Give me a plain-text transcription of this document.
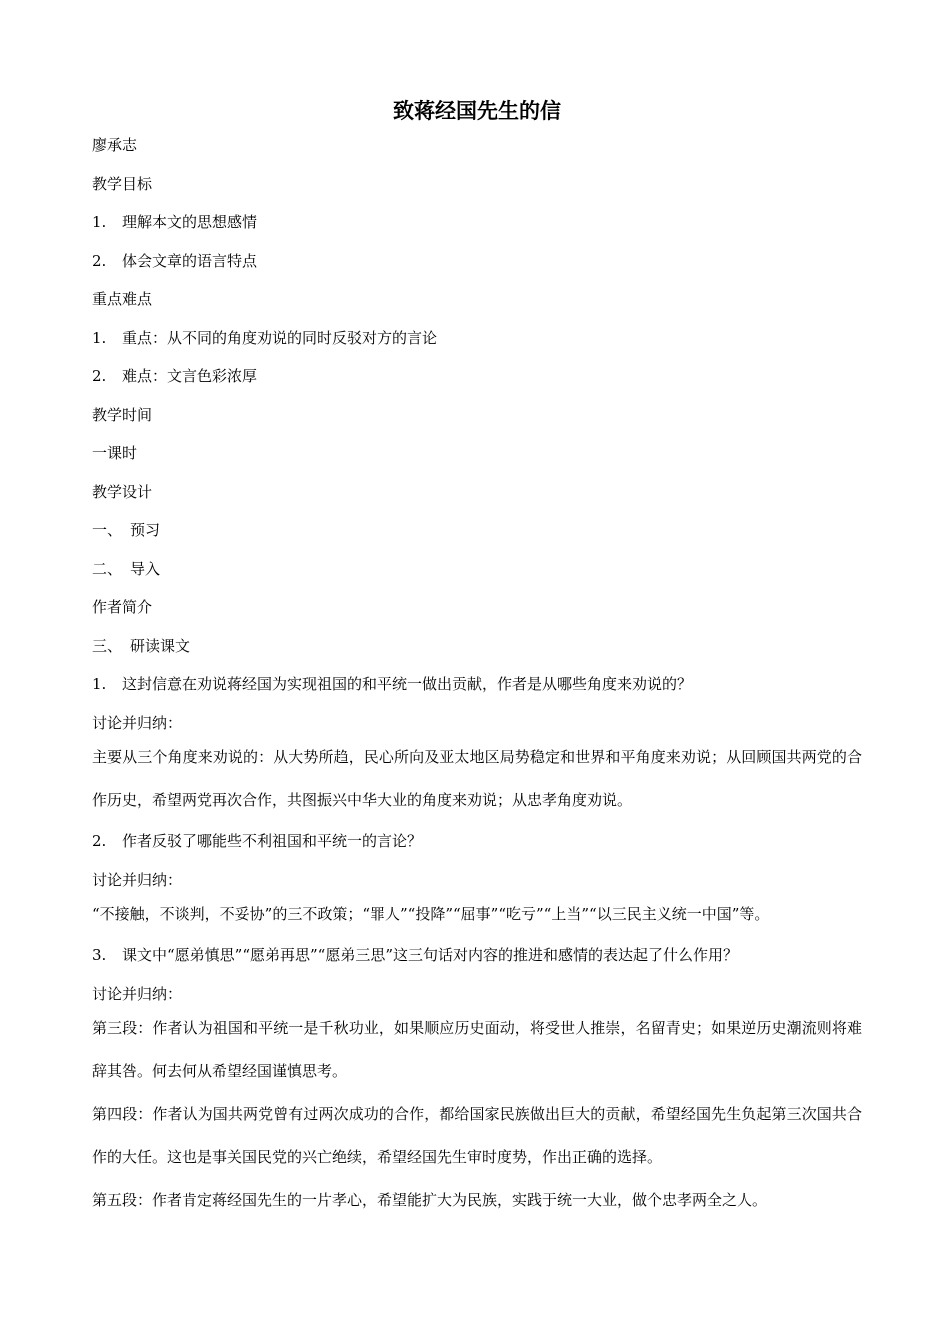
致蒋经国先生的信

廖承志

教学目标

1. 理解本文的思想感情

2. 体会文章的语言特点

重点难点

1. 重点：从不同的角度劝说的同时反驳对方的言论

2. 难点：文言色彩浓厚

教学时间

一课时

教学设计

一、 预习

二、 导入

作者简介

三、 研读课文

1. 这封信意在劝说蒋经国为实现祖国的和平统一做出贡献，作者是从哪些角度来劝说的？

讨论并归纳：

主要从三个角度来劝说的：从大势所趋，民心所向及亚太地区局势稳定和世界和平角度来劝说；从回顾国共两党的合作历史，希望两党再次合作，共图振兴中华大业的角度来劝说；从忠孝角度劝说。

2. 作者反驳了哪能些不利祖国和平统一的言论？

讨论并归纳：

“不接触，不谈判，不妥协”的三不政策；“罪人”“投降”“屈事”“吃亏”“上当”“以三民主义统一中国”等。

3. 课文中“愿弟慎思”“愿弟再思”“愿弟三思”这三句话对内容的推进和感情的表达起了什么作用？

讨论并归纳：

第三段：作者认为祖国和平统一是千秋功业，如果顺应历史面动，将受世人推崇，名留青史；如果逆历史潮流则将难辞其咎。何去何从希望经国谨慎思考。

第四段：作者认为国共两党曾有过两次成功的合作，都给国家民族做出巨大的贡献，希望经国先生负起第三次国共合作的大任。这也是事关国民党的兴亡绝续，希望经国先生审时度势，作出正确的选择。

第五段：作者肯定蒋经国先生的一片孝心，希望能扩大为民族，实践于统一大业，做个忠孝两全之人。
